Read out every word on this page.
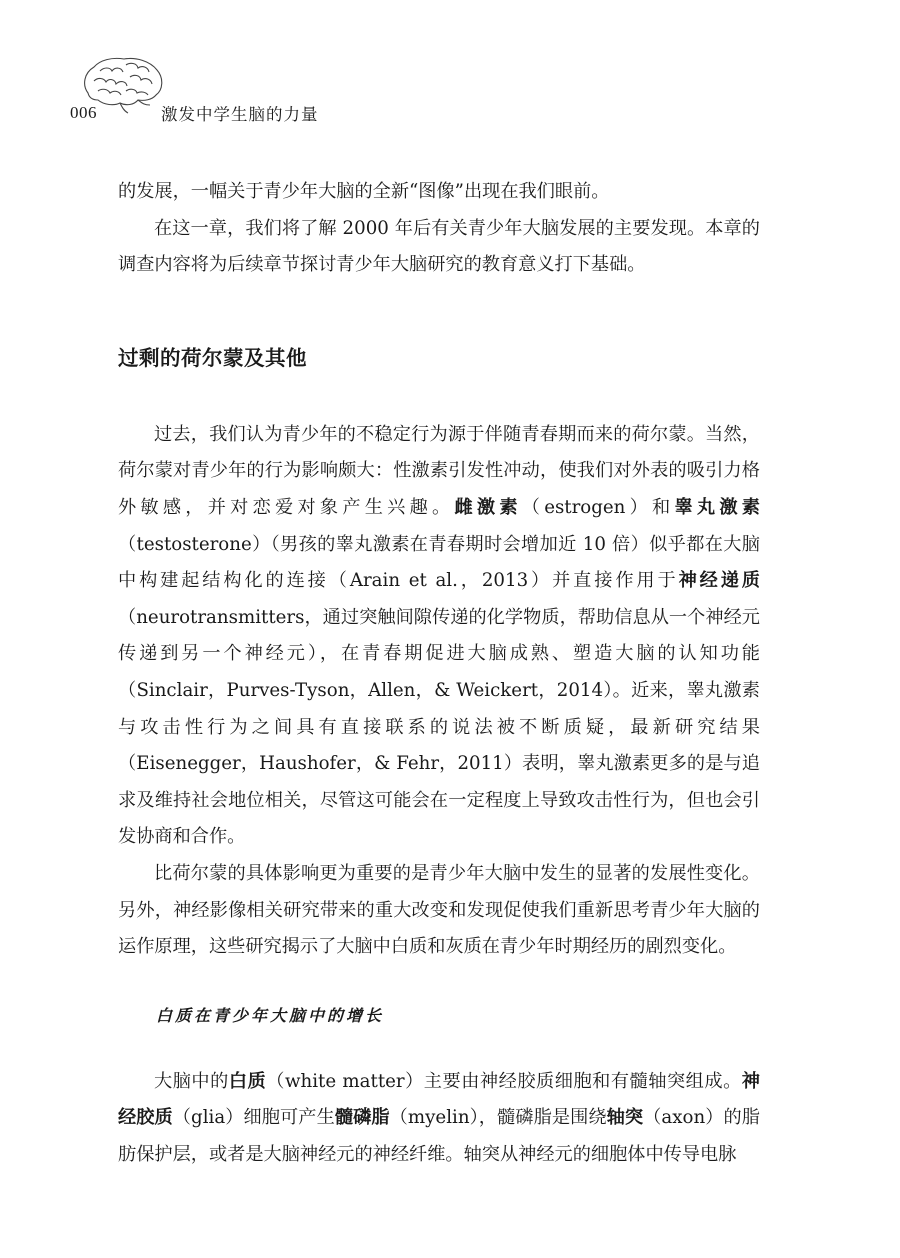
006	激发中学生脑的力量

的发展，一幅关于青少年大脑的全新“图像”出现在我们眼前。

在这一章，我们将了解 2000 年后有关青少年大脑发展的主要发现。本章的调查内容将为后续章节探讨青少年大脑研究的教育意义打下基础。

过剩的荷尔蒙及其他

过去，我们认为青少年的不稳定行为源于伴随青春期而来的荷尔蒙。当然，荷尔蒙对青少年的行为影响颇大：性激素引发性冲动，使我们对外表的吸引力格外敏感，并对恋爱对象产生兴趣。雌激素（estrogen）和睾丸激素（testosterone）（男孩的睾丸激素在青春期时会增加近 10 倍）似乎都在大脑中构建起结构化的连接（Arain et al.，2013）并直接作用于神经递质（neurotransmitters，通过突触间隙传递的化学物质，帮助信息从一个神经元传递到另一个神经元），在青春期促进大脑成熟、塑造大脑的认知功能（Sinclair，Purves-Tyson，Allen，& Weickert，2014）。近来，睾丸激素与攻击性行为之间具有直接联系的说法被不断质疑，最新研究结果（Eisenegger，Haushofer，& Fehr，2011）表明，睾丸激素更多的是与追求及维持社会地位相关，尽管这可能会在一定程度上导致攻击性行为，但也会引发协商和合作。

比荷尔蒙的具体影响更为重要的是青少年大脑中发生的显著的发展性变化。另外，神经影像相关研究带来的重大改变和发现促使我们重新思考青少年大脑的运作原理，这些研究揭示了大脑中白质和灰质在青少年时期经历的剧烈变化。

白质在青少年大脑中的增长

大脑中的白质（white matter）主要由神经胶质细胞和有髓轴突组成。神经胶质（glia）细胞可产生髓磷脂（myelin），髓磷脂是围绕轴突（axon）的脂肪保护层，或者是大脑神经元的神经纤维。轴突从神经元的细胞体中传导电脉
